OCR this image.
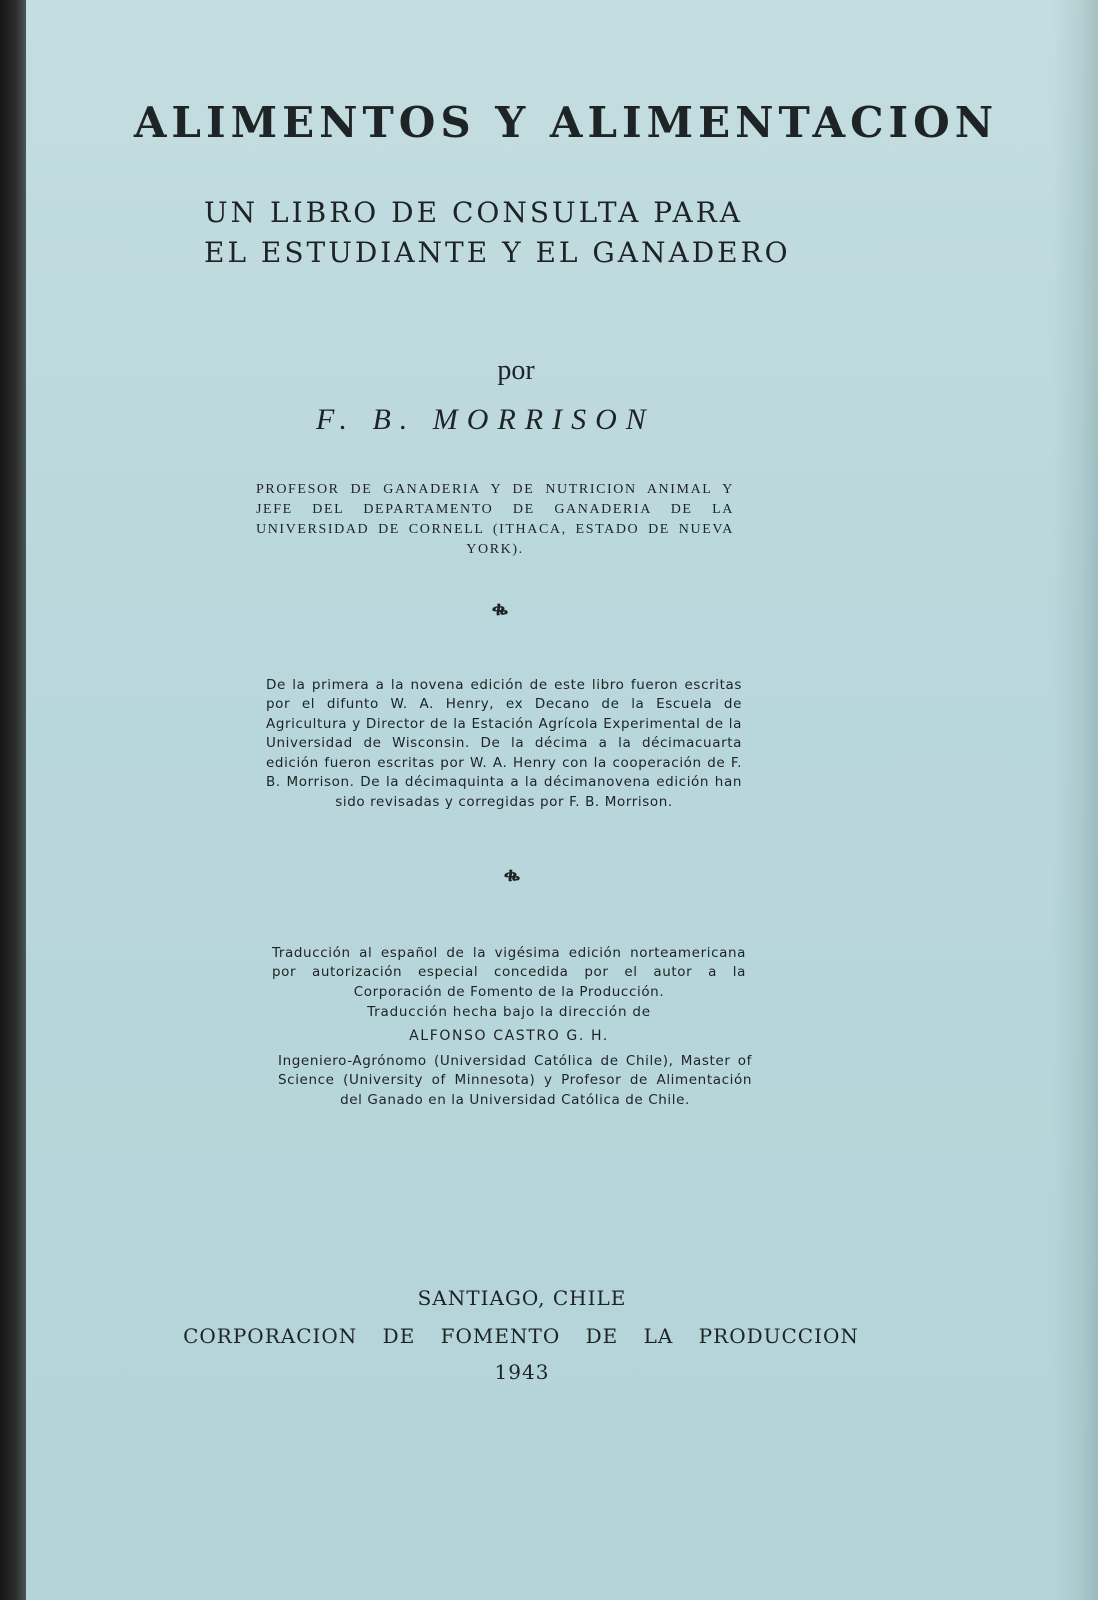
ALIMENTOS Y ALIMENTACION

UN LIBRO DE CONSULTA PARA

EL ESTUDIANTE Y EL GANADERO

por

F. B. MORRISON

PROFESOR DE GANADERIA Y DE NUTRICION ANIMAL Y JEFE DEL DEPARTAMENTO DE GANADERIA DE LA UNIVERSIDAD DE CORNELL (ITHACA, ESTADO DE NUEVA YORK).

ቈ

De la primera a la novena edición de este libro fueron escritas por el difunto W. A. Henry, ex Decano de la Escuela de Agricultura y Director de la Estación Agrícola Experimental de la Universidad de Wisconsin. De la décima a la décimacuarta edición fueron escritas por W. A. Henry con la cooperación de F. B. Morrison. De la décimaquinta a la décimanovena edición han sido revisadas y corregidas por F. B. Morrison.

ቈ

Traducción al español de la vigésima edición norteamericana por autorización especial concedida por el autor a la Corporación de Fomento de la Producción.

Traducción hecha bajo la dirección de

ALFONSO CASTRO G. H.

Ingeniero-Agrónomo (Universidad Católica de Chile), Master of Science (University of Minnesota) y Profesor de Alimentación del Ganado en la Universidad Católica de Chile.

SANTIAGO, CHILE

CORPORACION DE FOMENTO DE LA PRODUCCION

1943
